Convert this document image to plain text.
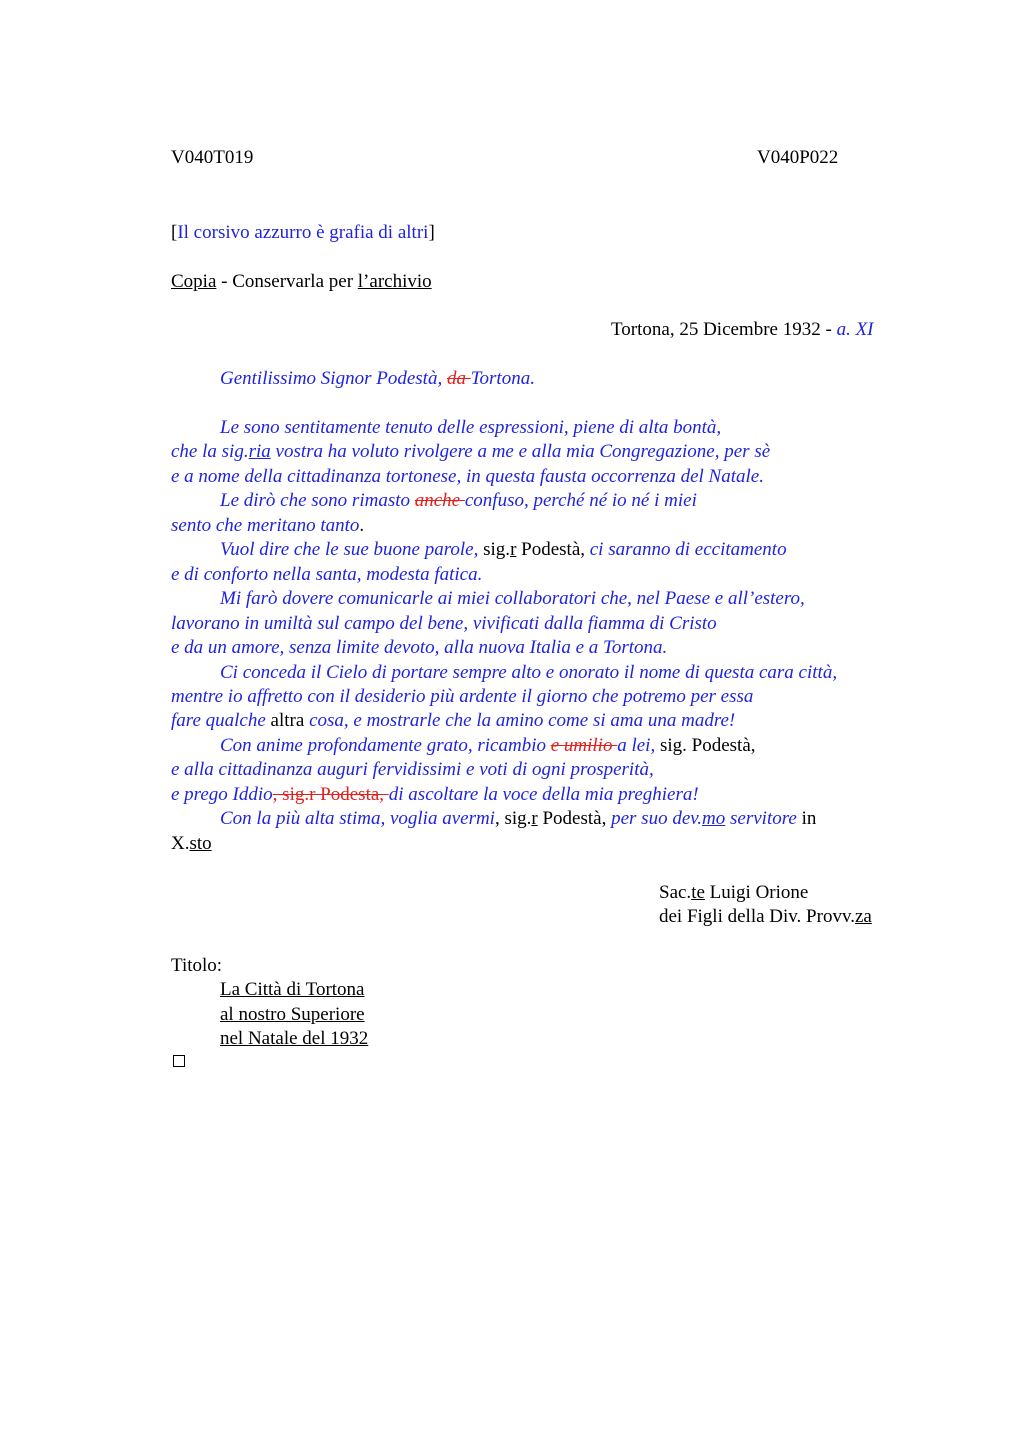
V040T019	V040P022
[Il corsivo azzurro è grafia di altri]
Copia - Conservarla per l’archivio
Tortona, 25 Dicembre 1932 - a. XI
Gentilissimo Signor Podestà, da Tortona.
Le sono sentitamente tenuto delle espressioni, piene di alta bontà,
che la sig.ria vostra ha voluto rivolgere a me e alla mia Congregazione, per sè
e a nome della cittadinanza tortonese, in questa fausta occorrenza del Natale.
Le dirò che sono rimasto anche confuso, perché né io né i miei
sento che meritano tanto.
Vuol dire che le sue buone parole, sig.r Podestà, ci saranno di eccitamento
e di conforto nella santa, modesta fatica.
Mi farò dovere comunicarle ai miei collaboratori che, nel Paese e all’estero,
lavorano in umiltà sul campo del bene, vivificati dalla fiamma di Cristo
e da un amore, senza limite devoto, alla nuova Italia e a Tortona.
Ci conceda il Cielo di portare sempre alto e onorato il nome di questa cara città,
mentre io affretto con il desiderio più ardente il giorno che potremo per essa
fare qualche altra cosa, e mostrarle che la amino come si ama una madre!
Con anime profondamente grato, ricambio e umilio a lei, sig. Podestà,
e alla cittadinanza auguri fervidissimi e voti di ogni prosperità,
e prego Iddio, sig.r Podesta, di ascoltare la voce della mia preghiera!
Con la più alta stima, voglia avermi, sig.r Podestà, per suo dev.mo servitore in
X.sto
Sac.te Luigi Orione
dei Figli della Div. Provv.za
Titolo:
La Città di Tortona
al nostro Superiore
nel Natale del 1932
